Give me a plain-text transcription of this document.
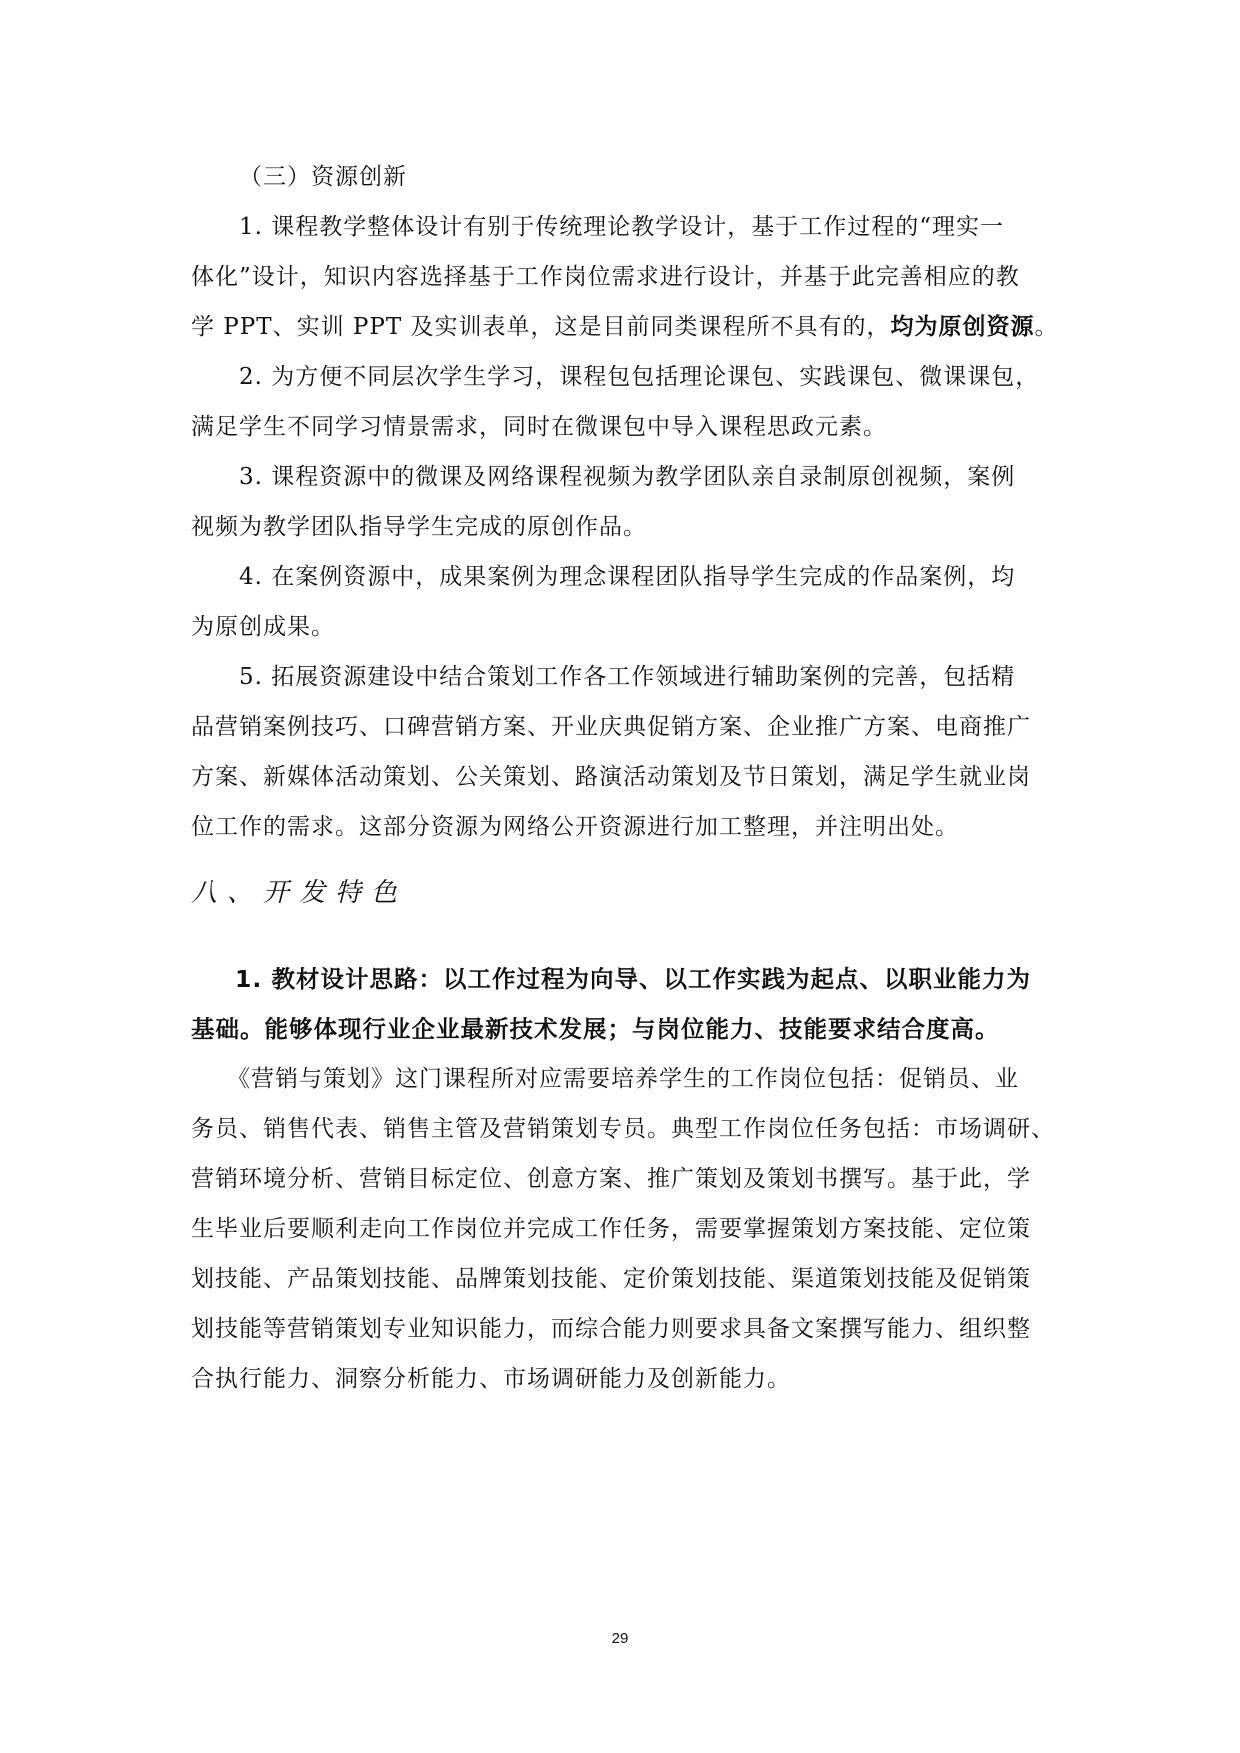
（三）资源创新
1. 课程教学整体设计有别于传统理论教学设计，基于工作过程的“理实一
体化”设计，知识内容选择基于工作岗位需求进行设计，并基于此完善相应的教
学 PPT、实训 PPT 及实训表单，这是目前同类课程所不具有的，均为原创资源。
2. 为方便不同层次学生学习，课程包包括理论课包、实践课包、微课课包，
满足学生不同学习情景需求，同时在微课包中导入课程思政元素。
3. 课程资源中的微课及网络课程视频为教学团队亲自录制原创视频，案例
视频为教学团队指导学生完成的原创作品。
4. 在案例资源中，成果案例为理念课程团队指导学生完成的作品案例，均
为原创成果。
5. 拓展资源建设中结合策划工作各工作领域进行辅助案例的完善，包括精
品营销案例技巧、口碑营销方案、开业庆典促销方案、企业推广方案、电商推广
方案、新媒体活动策划、公关策划、路演活动策划及节日策划，满足学生就业岗
位工作的需求。这部分资源为网络公开资源进行加工整理，并注明出处。
八、开发特色
1. 教材设计思路：以工作过程为向导、以工作实践为起点、以职业能力为
基础。能够体现行业企业最新技术发展；与岗位能力、技能要求结合度高。
《营销与策划》这门课程所对应需要培养学生的工作岗位包括：促销员、业
务员、销售代表、销售主管及营销策划专员。典型工作岗位任务包括：市场调研、
营销环境分析、营销目标定位、创意方案、推广策划及策划书撰写。基于此，学
生毕业后要顺利走向工作岗位并完成工作任务，需要掌握策划方案技能、定位策
划技能、产品策划技能、品牌策划技能、定价策划技能、渠道策划技能及促销策
划技能等营销策划专业知识能力，而综合能力则要求具备文案撰写能力、组织整
合执行能力、洞察分析能力、市场调研能力及创新能力。
29
